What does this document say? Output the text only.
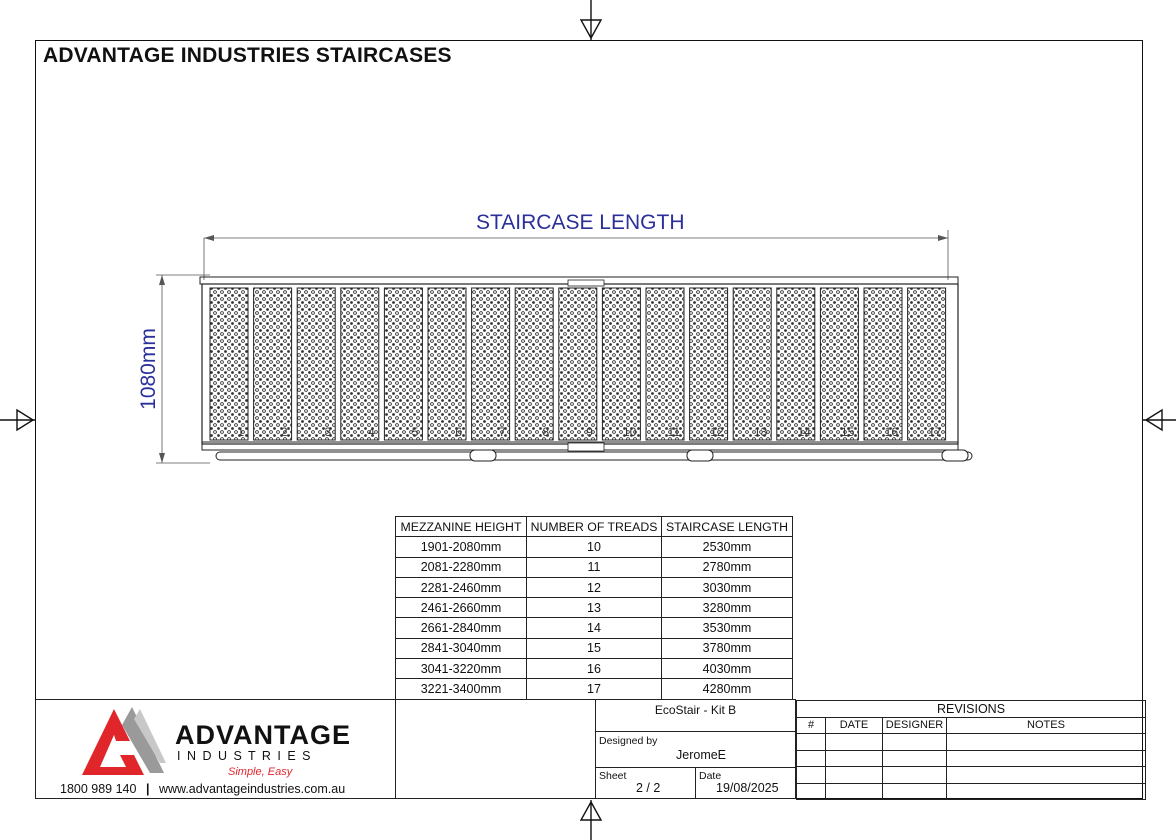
ADVANTAGE INDUSTRIES STAIRCASES
STAIRCASE LENGTH
1080mm
1	2	3	4	5	6	7	8	9	10	11	12	13	14	15	16	17
MEZZANINE HEIGHT	NUMBER OF TREADS	STAIRCASE LENGTH
1901-2080mm	10	2530mm
2081-2280mm	11	2780mm
2281-2460mm	12	3030mm
2461-2660mm	13	3280mm
2661-2840mm	14	3530mm
2841-3040mm	15	3780mm
3041-3220mm	16	4030mm
3221-3400mm	17	4280mm
EcoStair - Kit B
Designed by
JeromeE
Sheet
2 / 2
Date
19/08/2025
REVISIONS			
#	DATE	DESIGNER	NOTES

ADVANTAGE
I N D U S T R I E S
Simple, Easy
1800 989 140 | www.advantageindustries.com.au
